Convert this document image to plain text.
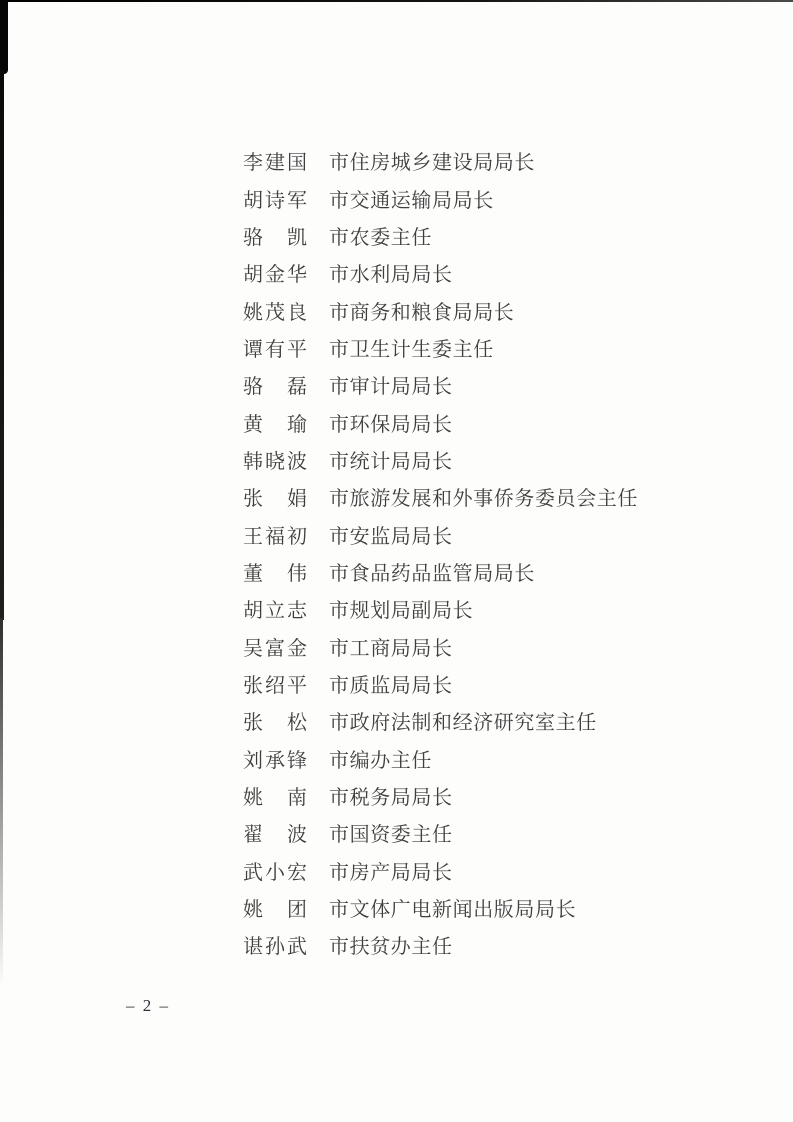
李建国 市住房城乡建设局局长
胡诗军 市交通运输局局长
骆　凯 市农委主任
胡金华 市水利局局长
姚茂良 市商务和粮食局局长
谭有平 市卫生计生委主任
骆　磊 市审计局局长
黄　瑜 市环保局局长
韩晓波 市统计局局长
张　娟 市旅游发展和外事侨务委员会主任
王福初 市安监局局长
董　伟 市食品药品监管局局长
胡立志 市规划局副局长
吴富金 市工商局局长
张绍平 市质监局局长
张　松 市政府法制和经济研究室主任
刘承锋 市编办主任
姚　南 市税务局局长
翟　波 市国资委主任
武小宏 市房产局局长
姚　团 市文体广电新闻出版局局长
谌孙武 市扶贫办主任
– 2 –
